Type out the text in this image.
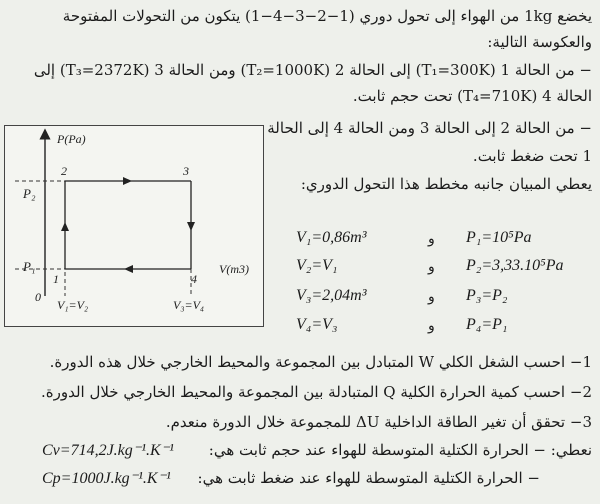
يخضع 1kg من الهواء إلى تحول دوري (1−2−3−4−1) يتكون من التحولات المفتوحة
والعكوسة التالية:
− من الحالة 1 (T₁=300K) إلى الحالة 2 (T₂=1000K) ومن الحالة 3 (T₃=2372K) إلى
الحالة 4 (T₄=710K) تحت حجم ثابت.
− من الحالة 2 إلى الحالة 3 ومن الحالة 4 إلى الحالة
1 تحت ضغط ثابت.
يعطي المبيان جانبه مخطط هذا التحول الدوري:
P(Pa)
V(m3)
0
P₂
P₁
2	3
4
1
V₁=V₂	V₃=V₄
V₁=0,86m³	و P₁=10⁵Pa
V₂=V₁	و P₂=3,33.10⁵Pa
V₃=2,04m³	و P₃=P₂
V₄=V₃	و P₄=P₁
1− احسب الشغل الكلي W المتبادل بين المجموعة والمحيط الخارجي خلال هذه الدورة.
2− احسب كمية الحرارة الكلية Q المتبادلة بين المجموعة والمحيط الخارجي خلال الدورة.
3− تحقق أن تغير الطاقة الداخلية ΔU للمجموعة خلال الدورة منعدم.
نعطي: − الحرارة الكتلية المتوسطة للهواء عند حجم ثابت هي:
Cv=714,2J.kg⁻¹.K⁻¹
− الحرارة الكتلية المتوسطة للهواء عند ضغط ثابت هي:
Cp=1000J.kg⁻¹.K⁻¹
